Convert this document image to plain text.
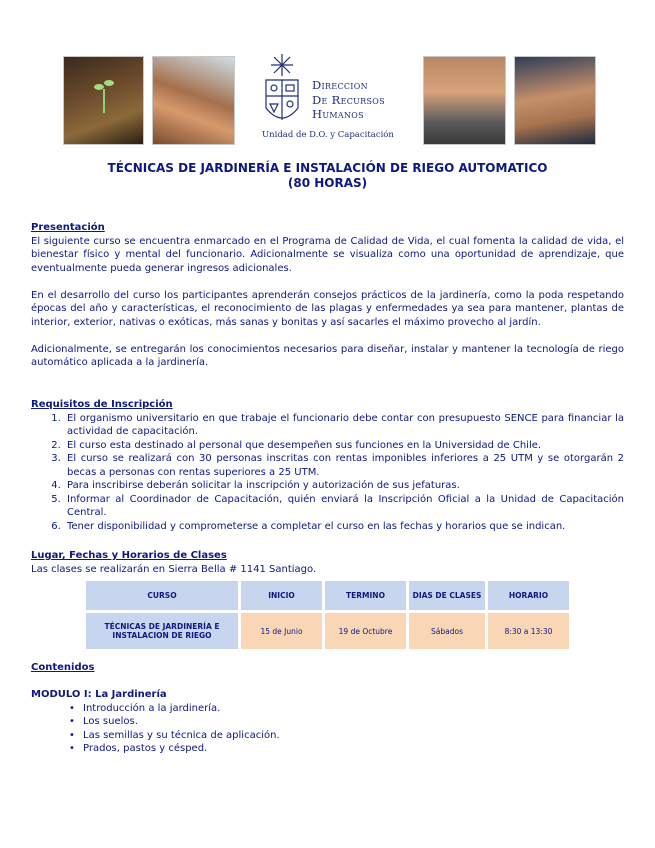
Direccion
De Recursos
Humanos
Unidad de D.O. y Capacitación
TÉCNICAS DE JARDINERÍA E INSTALACIÓN DE RIEGO AUTOMATICO
(80 HORAS)
Presentación

El siguiente curso se encuentra enmarcado en el Programa de Calidad de Vida, el cual fomenta la calidad de vida, el bienestar físico y mental del funcionario. Adicionalmente se visualiza como una oportunidad de aprendizaje, que eventualmente pueda generar ingresos adicionales.

En el desarrollo del curso los participantes aprenderán consejos prácticos de la jardinería, como la poda respetando épocas del año y características, el reconocimiento de las plagas y enfermedades ya sea para mantener, plantas de interior, exterior, nativas o exóticas, más sanas y bonitas y así sacarles el máximo provecho al jardín.

Adicionalmente, se entregarán los conocimientos necesarios para diseñar, instalar y mantener la tecnología de riego automático aplicada a la jardinería.

Requisitos de Inscripción
1. El organismo universitario en que trabaje el funcionario debe contar con presupuesto SENCE para financiar la actividad de capacitación.
2. El curso esta destinado al personal que desempeñen sus funciones en la Universidad de Chile.
3. El curso se realizará con 30 personas inscritas con rentas imponibles inferiores a 25 UTM y se otorgarán 2 becas a personas con rentas superiores a 25 UTM.
4. Para inscribirse deberán solicitar la inscripción y autorización de sus jefaturas.
5. Informar al Coordinador de Capacitación, quién enviará la Inscripción Oficial a la Unidad de Capacitación Central.
6. Tener disponibilidad y comprometerse a completar el curso en las fechas y horarios que se indican.
Lugar, Fechas y Horarios de Clases
Las clases se realizarán en Sierra Bella # 1141 Santiago.
CURSO	INICIO	TERMINO	DIAS DE CLASES	HORARIO
TÉCNICAS DE JARDINERÍA E INSTALACION DE RIEGO	15 de Junio	19 de Octubre	Sábados	8:30 a 13:30
Contenidos
MODULO I: La Jardinería
• Introducción a la jardinería.
• Los suelos.
• Las semillas y su técnica de aplicación.
• Prados, pastos y césped.
